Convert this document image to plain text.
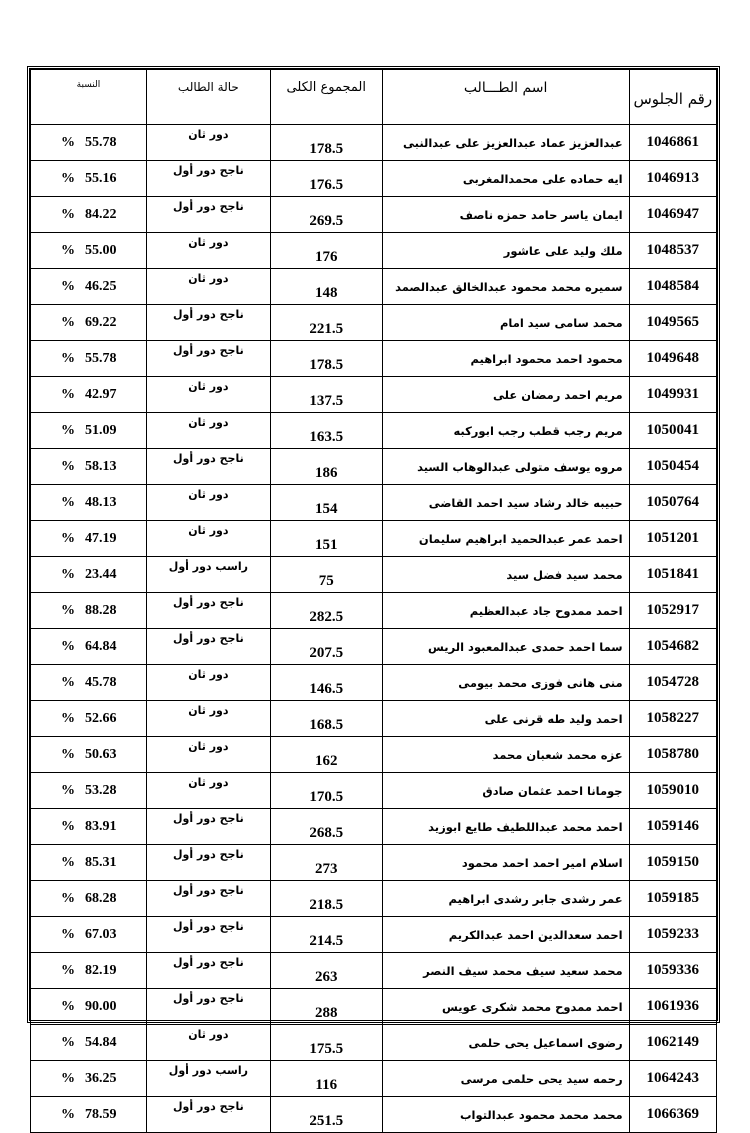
رقم الجلوس	اسم الطـــالب	المجموع الكلى	حالة الطالب	النسبة
1046861	عبدالعزيز عماد عبدالعزيز على عبدالنبى	178.5	دور ثان	% 55.78
1046913	ايه حماده على محمدالمغربى	176.5	ناجح دور أول	% 55.16
1046947	ايمان ياسر حامد حمزه ناصف	269.5	ناجح دور أول	% 84.22
1048537	ملك وليد على عاشور	176	دور ثان	% 55.00
1048584	سميره محمد محمود عبدالخالق عبدالصمد	148	دور ثان	% 46.25
1049565	محمد سامى سيد امام	221.5	ناجح دور أول	% 69.22
1049648	محمود احمد محمود ابراهيم	178.5	ناجح دور أول	% 55.78
1049931	مريم احمد رمضان على	137.5	دور ثان	% 42.97
1050041	مريم رجب قطب رجب ابوركبه	163.5	دور ثان	% 51.09
1050454	مروه يوسف متولى عبدالوهاب السيد	186	ناجح دور أول	% 58.13
1050764	حبيبه خالد رشاد سيد احمد القاضى	154	دور ثان	% 48.13
1051201	احمد عمر عبدالحميد ابراهيم سليمان	151	دور ثان	% 47.19
1051841	محمد سيد فضل سيد	75	راسب دور أول	% 23.44
1052917	احمد ممدوح جاد عبدالعظيم	282.5	ناجح دور أول	% 88.28
1054682	سما احمد حمدى عبدالمعبود الريس	207.5	ناجح دور أول	% 64.84
1054728	منى هانى فوزى محمد بيومى	146.5	دور ثان	% 45.78
1058227	احمد وليد طه قرنى على	168.5	دور ثان	% 52.66
1058780	عزه محمد شعبان محمد	162	دور ثان	% 50.63
1059010	جومانا احمد عثمان صادق	170.5	دور ثان	% 53.28
1059146	احمد محمد عبداللطيف طايع ابوزيد	268.5	ناجح دور أول	% 83.91
1059150	اسلام امير احمد احمد محمود	273	ناجح دور أول	% 85.31
1059185	عمر رشدى جابر رشدى ابراهيم	218.5	ناجح دور أول	% 68.28
1059233	احمد سعدالدين احمد عبدالكريم	214.5	ناجح دور أول	% 67.03
1059336	محمد سعيد سيف محمد سيف النصر	263	ناجح دور أول	% 82.19
1061936	احمد ممدوح محمد شكرى عويس	288	ناجح دور أول	% 90.00
1062149	رضوى اسماعيل يحى حلمى	175.5	دور ثان	% 54.84
1064243	رحمه سيد يحى حلمى مرسى	116	راسب دور أول	% 36.25
1066369	محمد محمد محمود عبدالتواب	251.5	ناجح دور أول	% 78.59
